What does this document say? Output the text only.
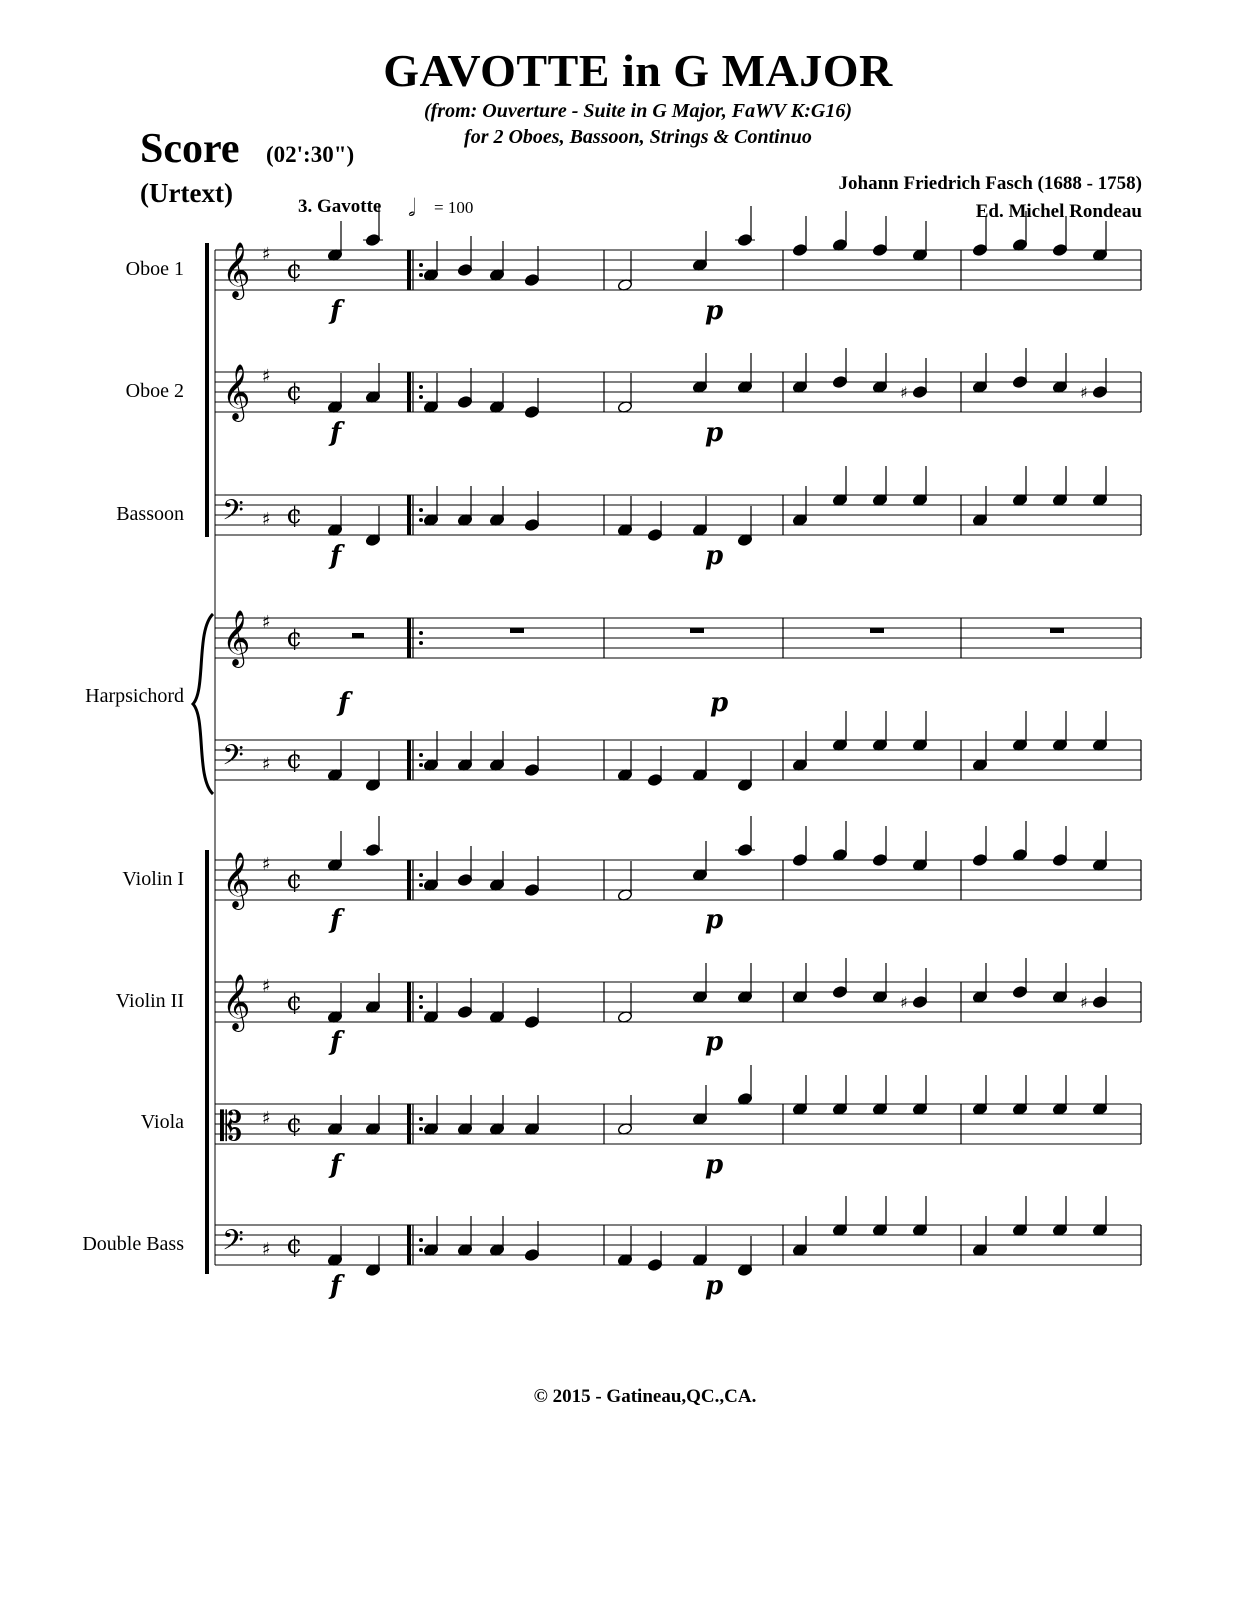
GAVOTTE in G MAJOR
(from: Ouverture - Suite in G Major, FaWV K:G16)
for 2 Oboes, Bassoon, Strings & Continuo
Score (02':30")
(Urtext)	3. Gavotte	= 100
Johann Friedrich Fasch (1688 - 1758)
Ed. Michel Rondeau
Oboe 1
Oboe 2
Bassoon
Harpsichord
Violin I
Violin II
Viola
Double Bass
𝄞 ♯
¢
f	p
𝄞 ♯
¢	♯	♯
f	p
𝄢 ♯ ¢
f	p
𝄞 ♯
¢
f	p
𝄢 ♯ ¢
𝄞 ♯
¢
f	p
𝄞 ♯
¢	♯	♯
f	p
𝄡 ♯ ¢
f	p
𝄢 ♯ ¢
f	p
𝅗𝅥
© 2015 - Gatineau,QC.,CA.
